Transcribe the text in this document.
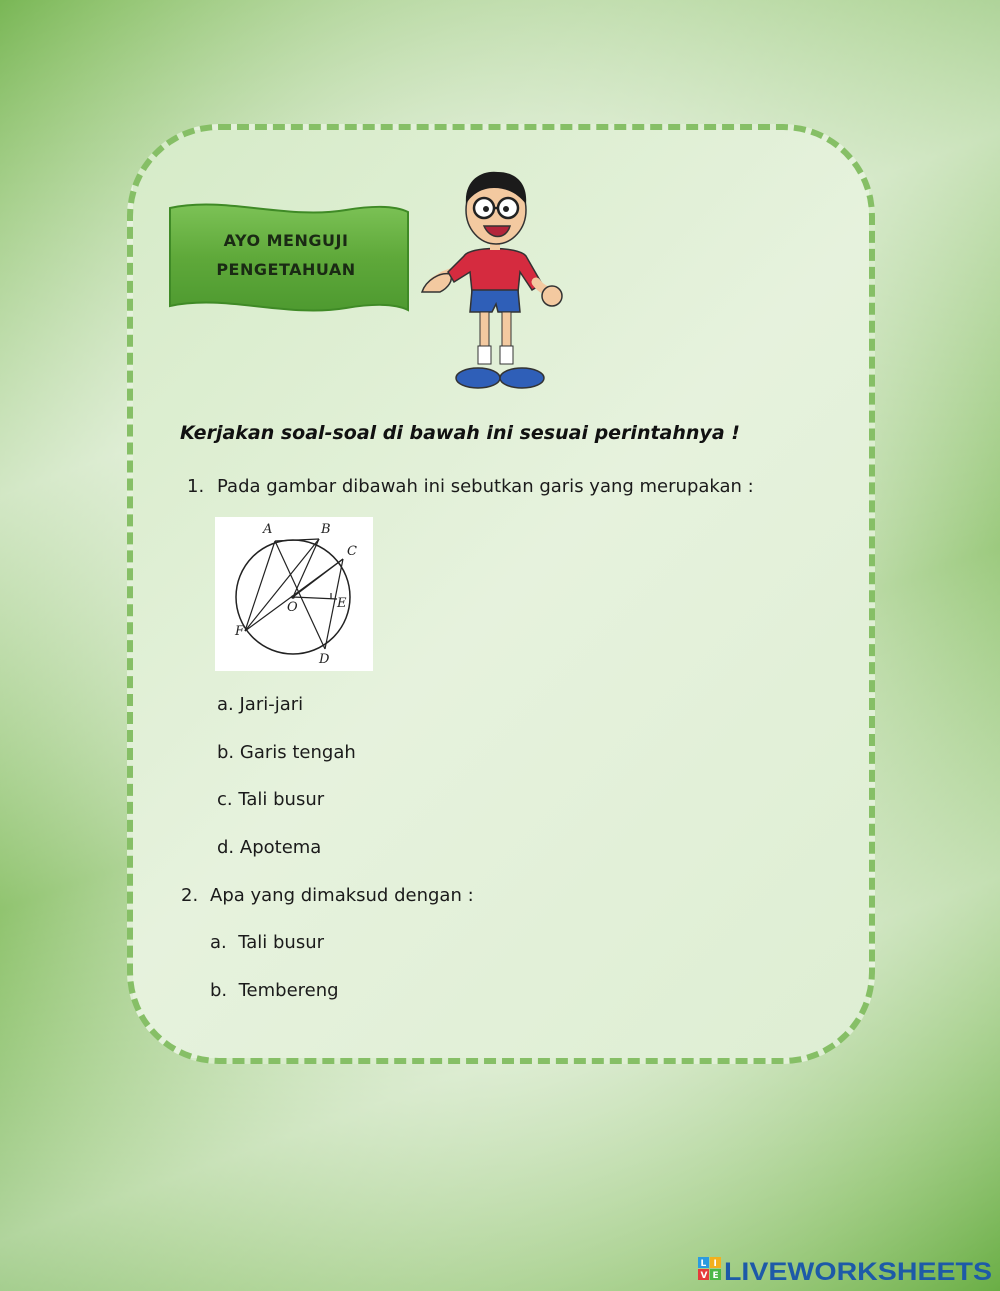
AYO MENGUJI
PENGETAHUAN
Kerjakan soal-soal di bawah ini sesuai perintahnya !
1. Pada gambar dibawah ini sebutkan garis yang merupakan :
A	B
C
O	E
F
D
a. Jari-jari
b. Garis tengah
c. Tali busur
d. Apotema
2. Apa yang dimaksud dengan :
a. Tali busur
b. Tembereng
L I
V E LIVEWORKSHEETS
